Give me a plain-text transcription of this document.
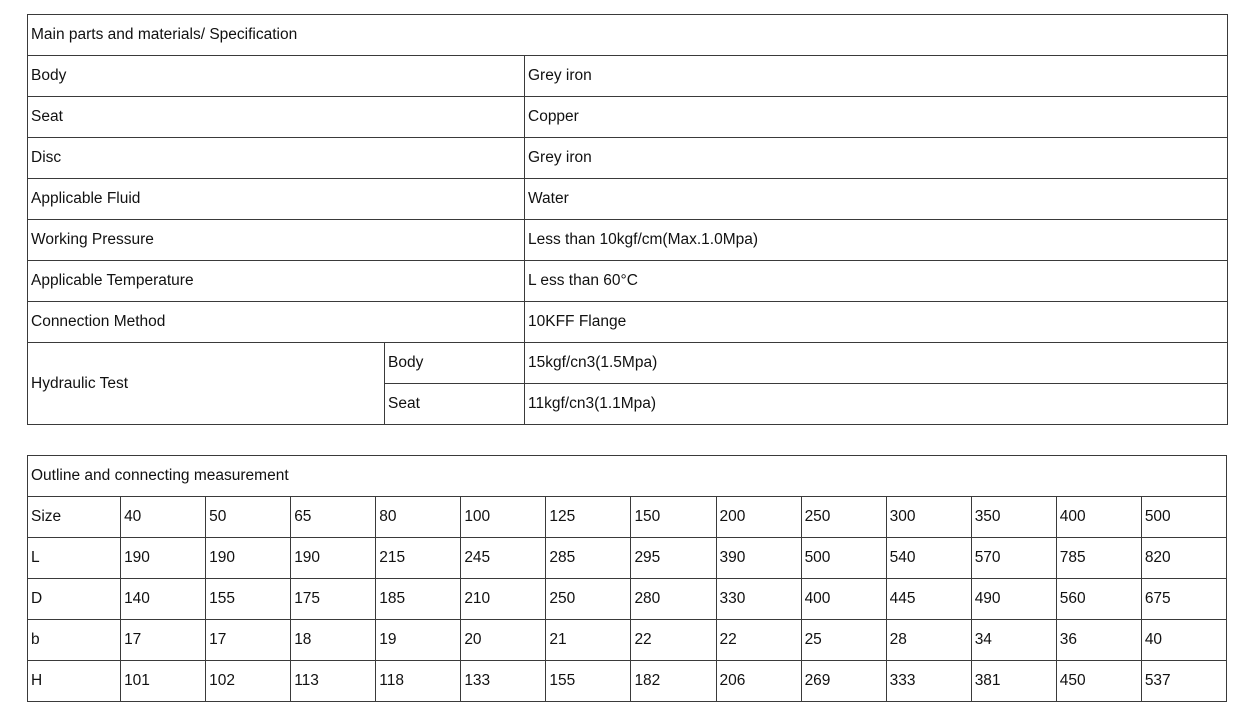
Main parts and materials/ Specification		
Body		Grey iron
Seat		Copper
Disc		Grey iron
Applicable Fluid		Water
Working Pressure		Less than 10kgf/cm(Max.1.0Mpa)
Applicable Temperature		L ess than 60°C
Connection Method		10KFF Flange
Hydraulic Test	Body	15kgf/cn3(1.5Mpa)
	Seat	11kgf/cn3(1.1Mpa)
Outline and connecting measurement													
Size	40	50	65	80	100	125	150	200	250	300	350	400	500
L	190	190	190	215	245	285	295	390	500	540	570	785	820
D	140	155	175	185	210	250	280	330	400	445	490	560	675
b	17	17	18	19	20	21	22	22	25	28	34	36	40
H	101	102	113	118	133	155	182	206	269	333	381	450	537
